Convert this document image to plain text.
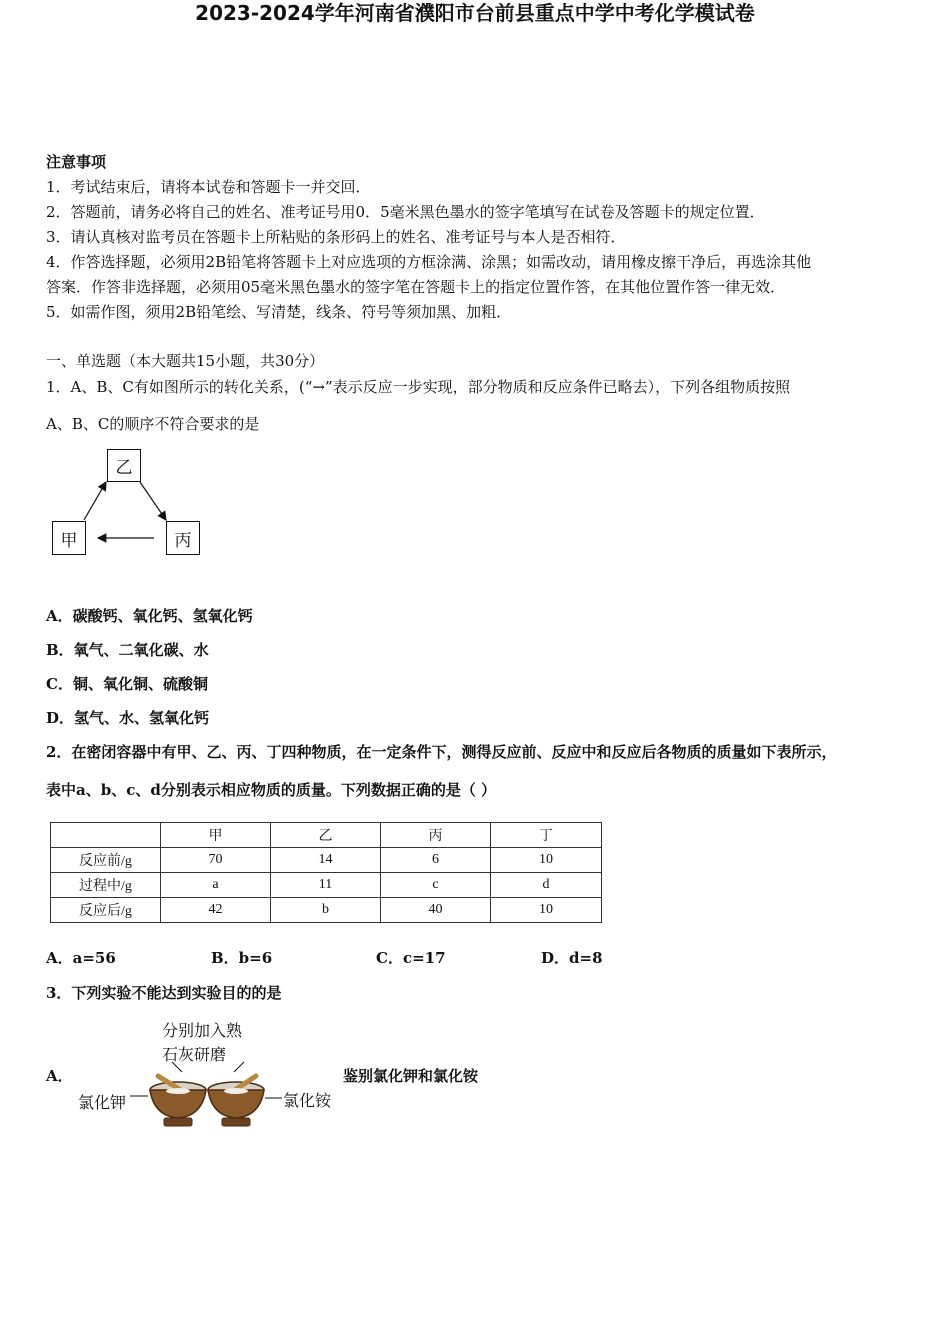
2023-2024学年河南省濮阳市台前县重点中学中考化学模试卷
注意事项
1．考试结束后，请将本试卷和答题卡一并交回．
2．答题前，请务必将自己的姓名、准考证号用0．5毫米黑色墨水的签字笔填写在试卷及答题卡的规定位置．
3．请认真核对监考员在答题卡上所粘贴的条形码上的姓名、准考证号与本人是否相符．
4．作答选择题，必须用2B铅笔将答题卡上对应选项的方框涂满、涂黑；如需改动，请用橡皮擦干净后，再选涂其他
答案．作答非选择题，必须用05毫米黑色墨水的签字笔在答题卡上的指定位置作答，在其他位置作答一律无效．
5．如需作图，须用2B铅笔绘、写清楚，线条、符号等须加黑、加粗．
一、单选题（本大题共15小题，共30分）
1．A、B、C有如图所示的转化关系，(“→”表示反应一步实现，部分物质和反应条件已略去），下列各组物质按照
A、B、C的顺序不符合要求的是
乙
甲	丙
A．碳酸钙、氧化钙、氢氧化钙
B．氧气、二氧化碳、水
C．铜、氧化铜、硫酸铜
D．氢气、水、氢氧化钙
2．在密闭容器中有甲、乙、丙、丁四种物质，在一定条件下，测得反应前、反应中和反应后各物质的质量如下表所示，
表中a、b、c、d分别表示相应物质的质量。下列数据正确的是（ ）
	甲	乙	丙	丁
反应前/g	70	14	6	10
过程中/g	a	11	c	d
反应后/g	42	b	40	10
A．a=56	B．b=6	C．c=17	D．d=8
3．下列实验不能达到实验目的的是
A．
分别加入熟
石灰研磨
氯化钾	氯化铵
鉴别氯化钾和氯化铵
